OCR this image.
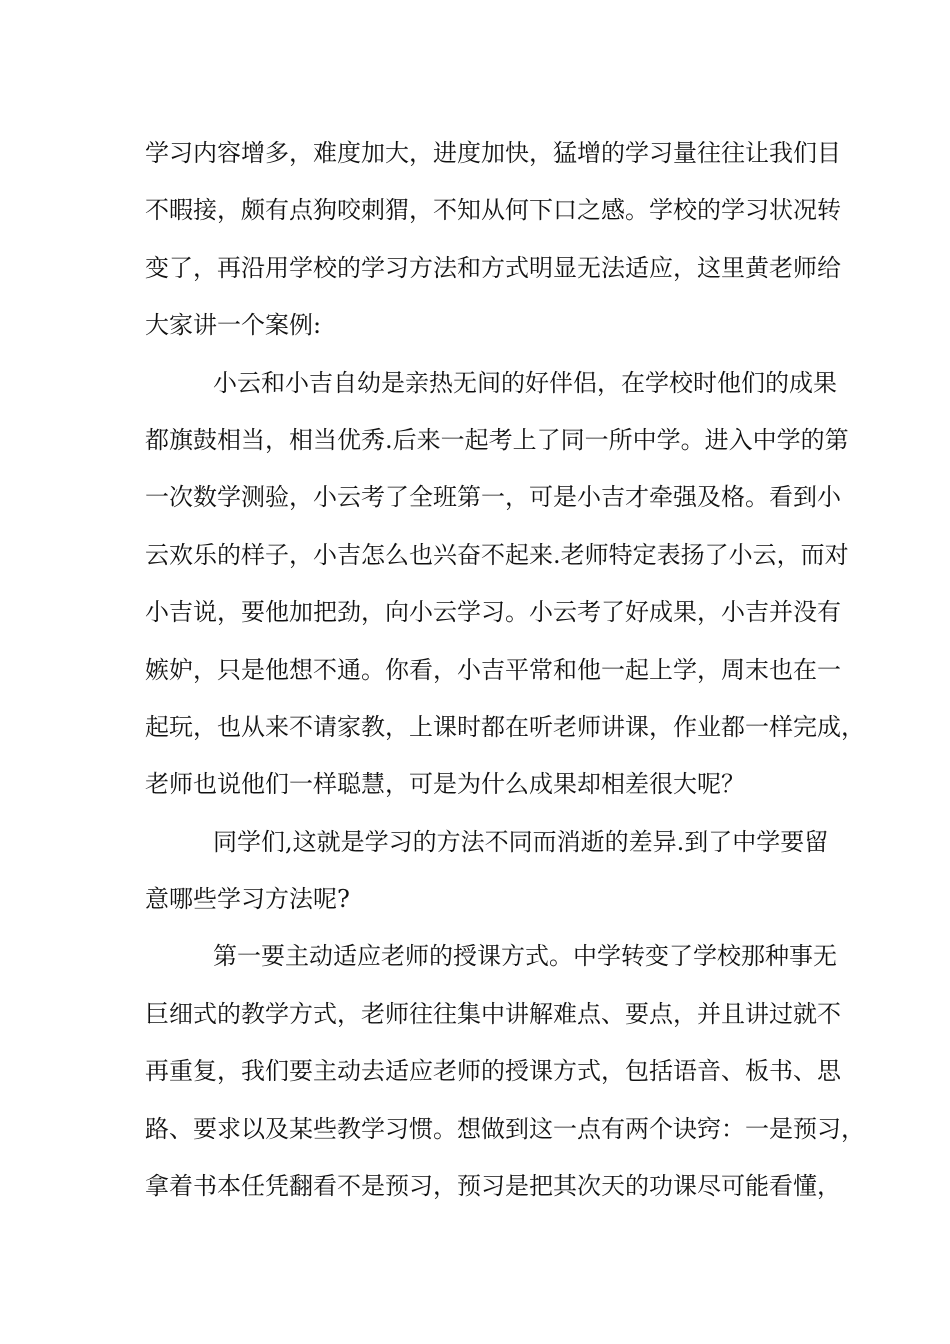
学习内容增多，难度加大，进度加快，猛增的学习量往往让我们目
不暇接，颇有点狗咬刺猬，不知从何下口之感。学校的学习状况转
变了，再沿用学校的学习方法和方式明显无法适应，这里黄老师给
大家讲一个案例:
小云和小吉自幼是亲热无间的好伴侣，在学校时他们的成果
都旗鼓相当，相当优秀.后来一起考上了同一所中学。进入中学的第
一次数学测验，小云考了全班第一，可是小吉才牵强及格。看到小
云欢乐的样子，小吉怎么也兴奋不起来.老师特定表扬了小云，而对
小吉说，要他加把劲，向小云学习。小云考了好成果，小吉并没有
嫉妒，只是他想不通。你看，小吉平常和他一起上学，周末也在一
起玩，也从来不请家教，上课时都在听老师讲课，作业都一样完成，
老师也说他们一样聪慧，可是为什么成果却相差很大呢？
同学们,这就是学习的方法不同而消逝的差异.到了中学要留
意哪些学习方法呢?
第一要主动适应老师的授课方式。中学转变了学校那种事无
巨细式的教学方式，老师往往集中讲解难点、要点，并且讲过就不
再重复，我们要主动去适应老师的授课方式，包括语音、板书、思
路、要求以及某些教学习惯。想做到这一点有两个诀窍：一是预习，
拿着书本任凭翻看不是预习，预习是把其次天的功课尽可能看懂，
